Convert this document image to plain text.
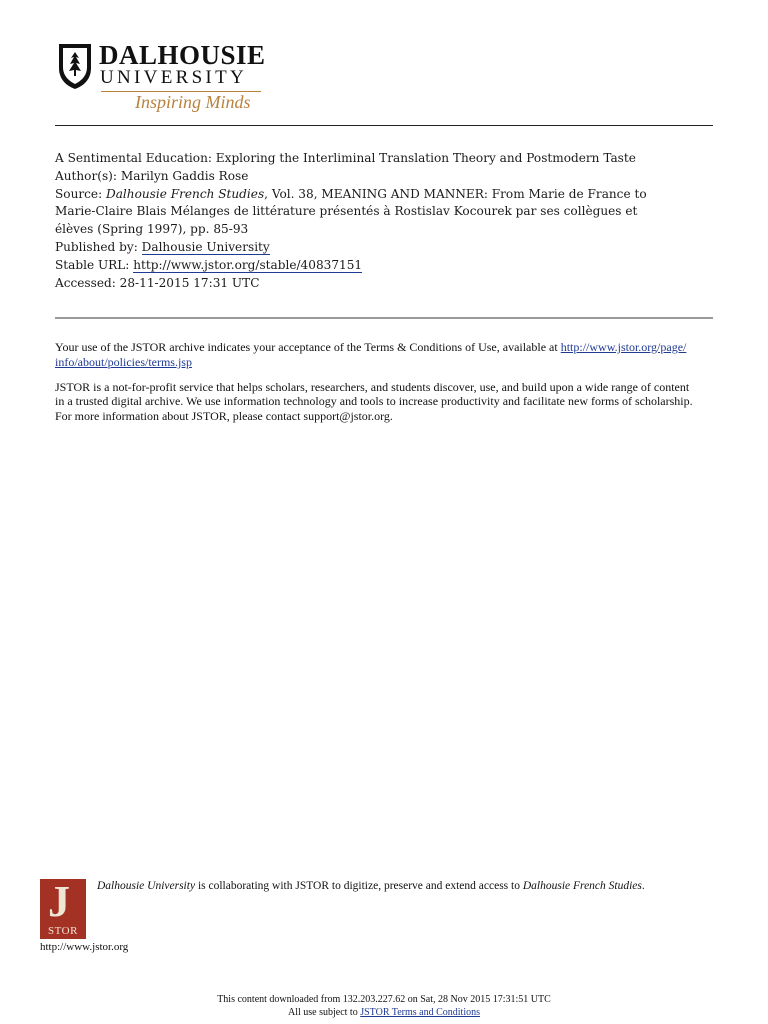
DALHOUSIE
UNIVERSITY
Inspiring Minds
A Sentimental Education: Exploring the Interliminal Translation Theory and Postmodern Taste
Author(s): Marilyn Gaddis Rose
Source: Dalhousie French Studies, Vol. 38, MEANING AND MANNER: From Marie de France to
Marie-Claire Blais Mélanges de littérature présentés à Rostislav Kocourek par ses collègues et
élèves (Spring 1997), pp. 85-93
Published by: Dalhousie University
Stable URL: http://www.jstor.org/stable/40837151
Accessed: 28-11-2015 17:31 UTC

Your use of the JSTOR archive indicates your acceptance of the Terms & Conditions of Use, available at http://www.jstor.org/page/
info/about/policies/terms.jsp

JSTOR is a not-for-profit service that helps scholars, researchers, and students discover, use, and build upon a wide range of content
in a trusted digital archive. We use information technology and tools to increase productivity and facilitate new forms of scholarship.
For more information about JSTOR, please contact support@jstor.org.

J
STOR
http://www.jstor.org
Dalhousie University is collaborating with JSTOR to digitize, preserve and extend access to Dalhousie French Studies.
This content downloaded from 132.203.227.62 on Sat, 28 Nov 2015 17:31:51 UTC
All use subject to JSTOR Terms and Conditions
